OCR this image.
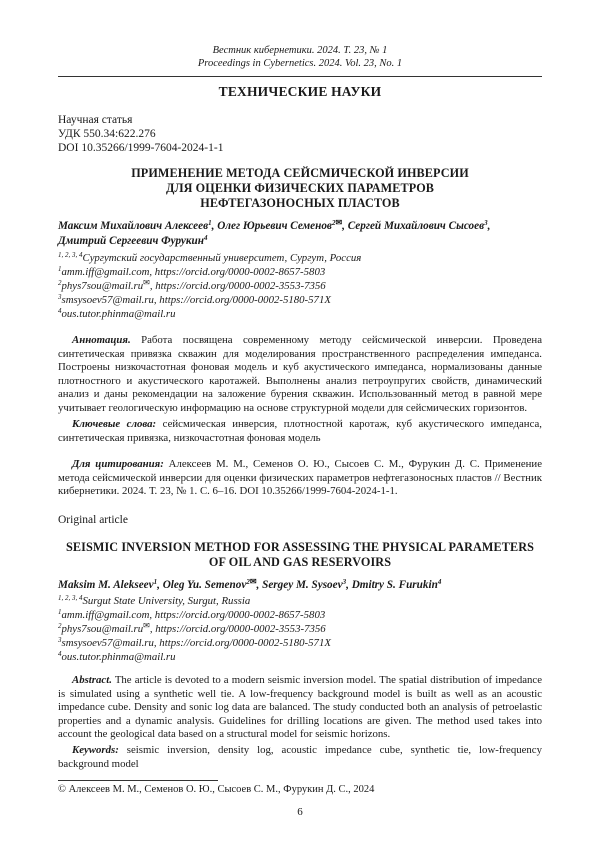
Вестник кибернетики. 2024. Т. 23, № 1
Proceedings in Cybernetics. 2024. Vol. 23, No. 1
ТЕХНИЧЕСКИЕ НАУКИ
Научная статья
УДК 550.34:622.276
DOI 10.35266/1999-7604-2024-1-1
ПРИМЕНЕНИЕ МЕТОДА СЕЙСМИЧЕСКОЙ ИНВЕРСИИ
ДЛЯ ОЦЕНКИ ФИЗИЧЕСКИХ ПАРАМЕТРОВ
НЕФТЕГАЗОНОСНЫХ ПЛАСТОВ
Максим Михайлович Алексеев$^1$, Олег Юрьевич Семенов$^{2✉}$, Сергей Михайлович Сысоев$^3$,
Дмитрий Сергеевич Фурукин$^4$
$^{1, 2, 3, 4}$Сургутский государственный университет, Сургут, Россия
$^1$amm.iff@gmail.com, https://orcid.org/0000-0002-8657-5803
$^2$phys7sou@mail.ru✉, https://orcid.org/0000-0002-3553-7356
$^3$smsysoev57@mail.ru, https://orcid.org/0000-0002-5180-571X
$^4$ous.tutor.phinma@mail.ru
Аннотация. Работа посвящена современному методу сейсмической инверсии. Проведена синтетическая привязка скважин для моделирования пространственного распределения импеданса. Построены низкочастотная фоновая модель и куб акустического импеданса, нормализованы данные плотностного и акустического каротажей. Выполнены анализ петроупругих свойств, динамический анализ и даны рекомендации на заложение бурения скважин. Использованный метод в равной мере учитывает геологическую информацию на основе структурной модели для сейсмических горизонтов.
Ключевые слова: сейсмическая инверсия, плотностной каротаж, куб акустического импеданса, синтетическая привязка, низкочастотная фоновая модель
Для цитирования: Алексеев М. М., Семенов О. Ю., Сысоев С. М., Фурукин Д. С. Применение метода сейсмической инверсии для оценки физических параметров нефтегазоносных пластов // Вестник кибернетики. 2024. Т. 23, № 1. С. 6–16. DOI 10.35266/1999-7604-2024-1-1.
Original article
SEISMIC INVERSION METHOD FOR ASSESSING THE PHYSICAL PARAMETERS
OF OIL AND GAS RESERVOIRS
Maksim M. Alekseev$^1$, Oleg Yu. Semenov$^{2✉}$, Sergey M. Sysoev$^3$, Dmitry S. Furukin$^4$
$^{1, 2, 3, 4}$Surgut State University, Surgut, Russia
$^1$amm.iff@gmail.com, https://orcid.org/0000-0002-8657-5803
$^2$phys7sou@mail.ru✉, https://orcid.org/0000-0002-3553-7356
$^3$smsysoev57@mail.ru, https://orcid.org/0000-0002-5180-571X
$^4$ous.tutor.phinma@mail.ru
Abstract. The article is devoted to a modern seismic inversion model. The spatial distribution of impedance is simulated using a synthetic well tie. A low-frequency background model is built as well as an acoustic impedance cube. Density and sonic log data are balanced. The study conducted both an analysis of petroelastic properties and a dynamic analysis. Guidelines for drilling locations are given. The method used takes into account the geological data based on a structural model for seismic horizons.
Keywords: seismic inversion, density log, acoustic impedance cube, synthetic tie, low-frequency background model
© Алексеев М. М., Семенов О. Ю., Сысоев С. М., Фурукин Д. С., 2024
6
